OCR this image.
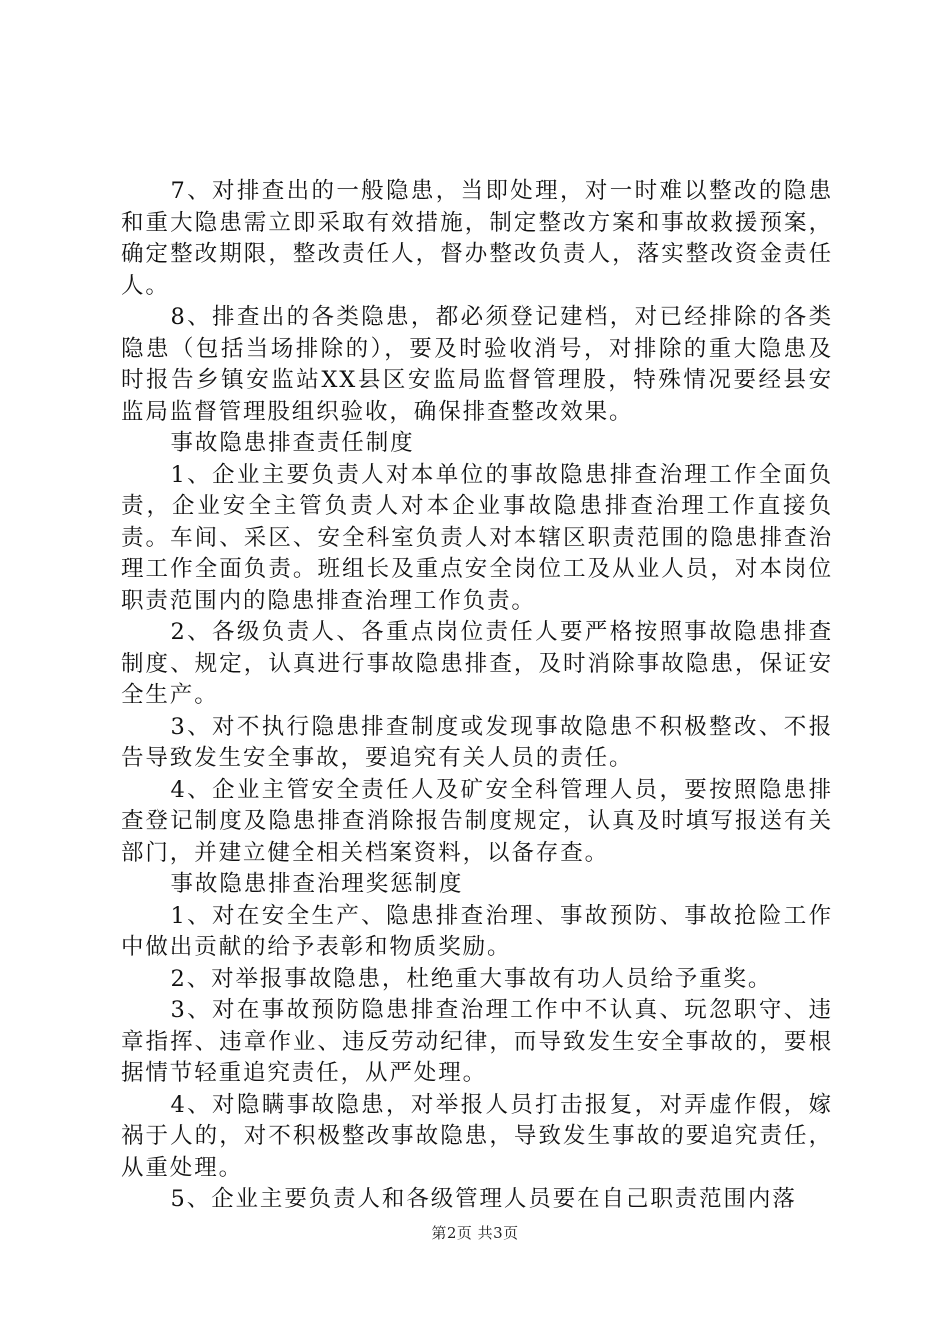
7、对排查出的一般隐患，当即处理，对一时难以整改的隐患和重大隐患需立即采取有效措施，制定整改方案和事故救援预案，确定整改期限，整改责任人，督办整改负责人，落实整改资金责任人。

8、排查出的各类隐患，都必须登记建档，对已经排除的各类隐患（包括当场排除的），要及时验收消号，对排除的重大隐患及时报告乡镇安监站XX县区安监局监督管理股，特殊情况要经县安监局监督管理股组织验收，确保排查整改效果。

事故隐患排查责任制度

1、企业主要负责人对本单位的事故隐患排查治理工作全面负责，企业安全主管负责人对本企业事故隐患排查治理工作直接负责。车间、采区、安全科室负责人对本辖区职责范围的隐患排查治理工作全面负责。班组长及重点安全岗位工及从业人员，对本岗位职责范围内的隐患排查治理工作负责。

2、各级负责人、各重点岗位责任人要严格按照事故隐患排查制度、规定，认真进行事故隐患排查，及时消除事故隐患，保证安全生产。

3、对不执行隐患排查制度或发现事故隐患不积极整改、不报告导致发生安全事故，要追究有关人员的责任。

4、企业主管安全责任人及矿安全科管理人员，要按照隐患排查登记制度及隐患排查消除报告制度规定，认真及时填写报送有关部门，并建立健全相关档案资料，以备存查。

事故隐患排查治理奖惩制度

1、对在安全生产、隐患排查治理、事故预防、事故抢险工作中做出贡献的给予表彰和物质奖励。

2、对举报事故隐患，杜绝重大事故有功人员给予重奖。

3、对在事故预防隐患排查治理工作中不认真、玩忽职守、违章指挥、违章作业、违反劳动纪律，而导致发生安全事故的，要根据情节轻重追究责任，从严处理。

4、对隐瞒事故隐患，对举报人员打击报复，对弄虚作假，嫁祸于人的，对不积极整改事故隐患，导致发生事故的要追究责任，从重处理。

5、企业主要负责人和各级管理人员要在自己职责范围内落

第2页 共3页
